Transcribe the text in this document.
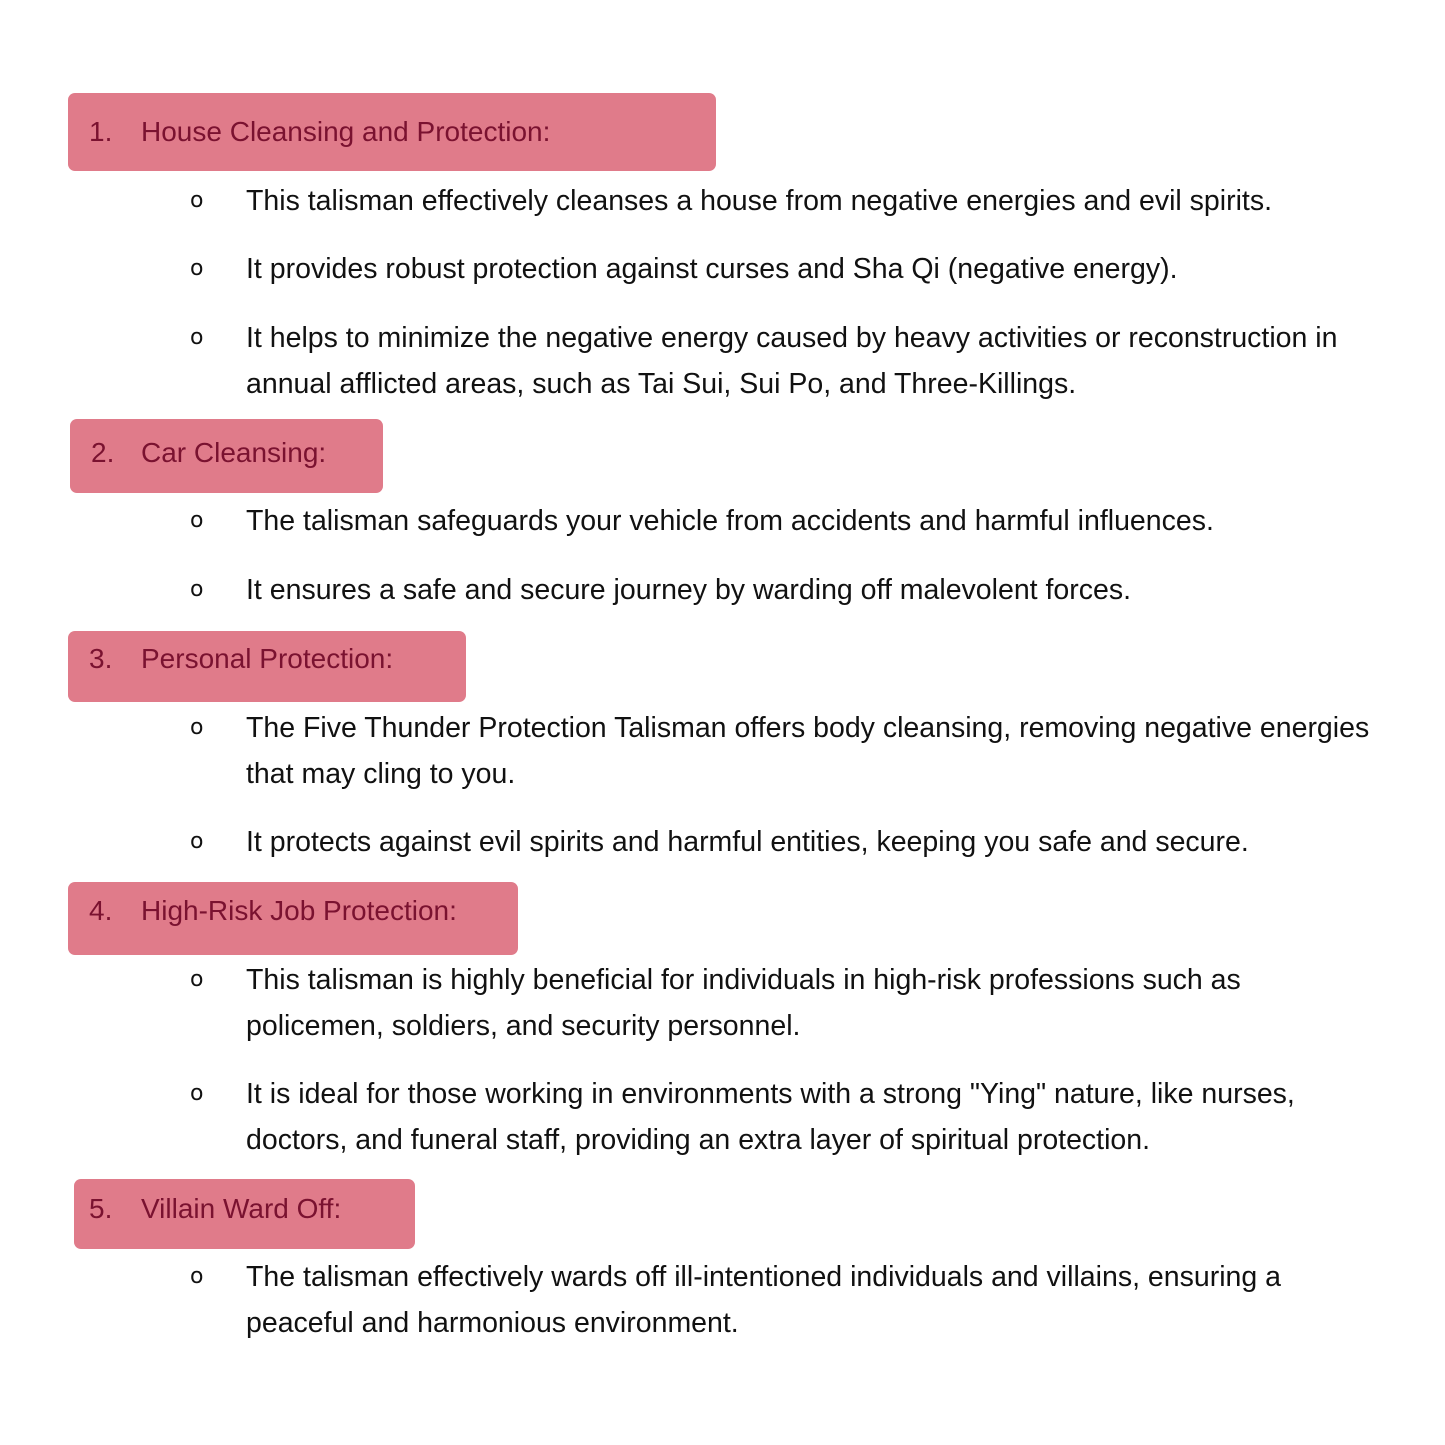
1. House Cleansing and Protection:
o This talisman effectively cleanses a house from negative energies and evil spirits.
o It provides robust protection against curses and Sha Qi (negative energy).
o It helps to minimize the negative energy caused by heavy activities or reconstruction in annual afflicted areas, such as Tai Sui, Sui Po, and Three-Killings.
2. Car Cleansing:
o The talisman safeguards your vehicle from accidents and harmful influences.
o It ensures a safe and secure journey by warding off malevolent forces.
3. Personal Protection:
o The Five Thunder Protection Talisman offers body cleansing, removing negative energies that may cling to you.
o It protects against evil spirits and harmful entities, keeping you safe and secure.
4. High-Risk Job Protection:
o This talisman is highly beneficial for individuals in high-risk professions such as policemen, soldiers, and security personnel.
o It is ideal for those working in environments with a strong "Ying" nature, like nurses, doctors, and funeral staff, providing an extra layer of spiritual protection.
5. Villain Ward Off:
o The talisman effectively wards off ill-intentioned individuals and villains, ensuring a peaceful and harmonious environment.
